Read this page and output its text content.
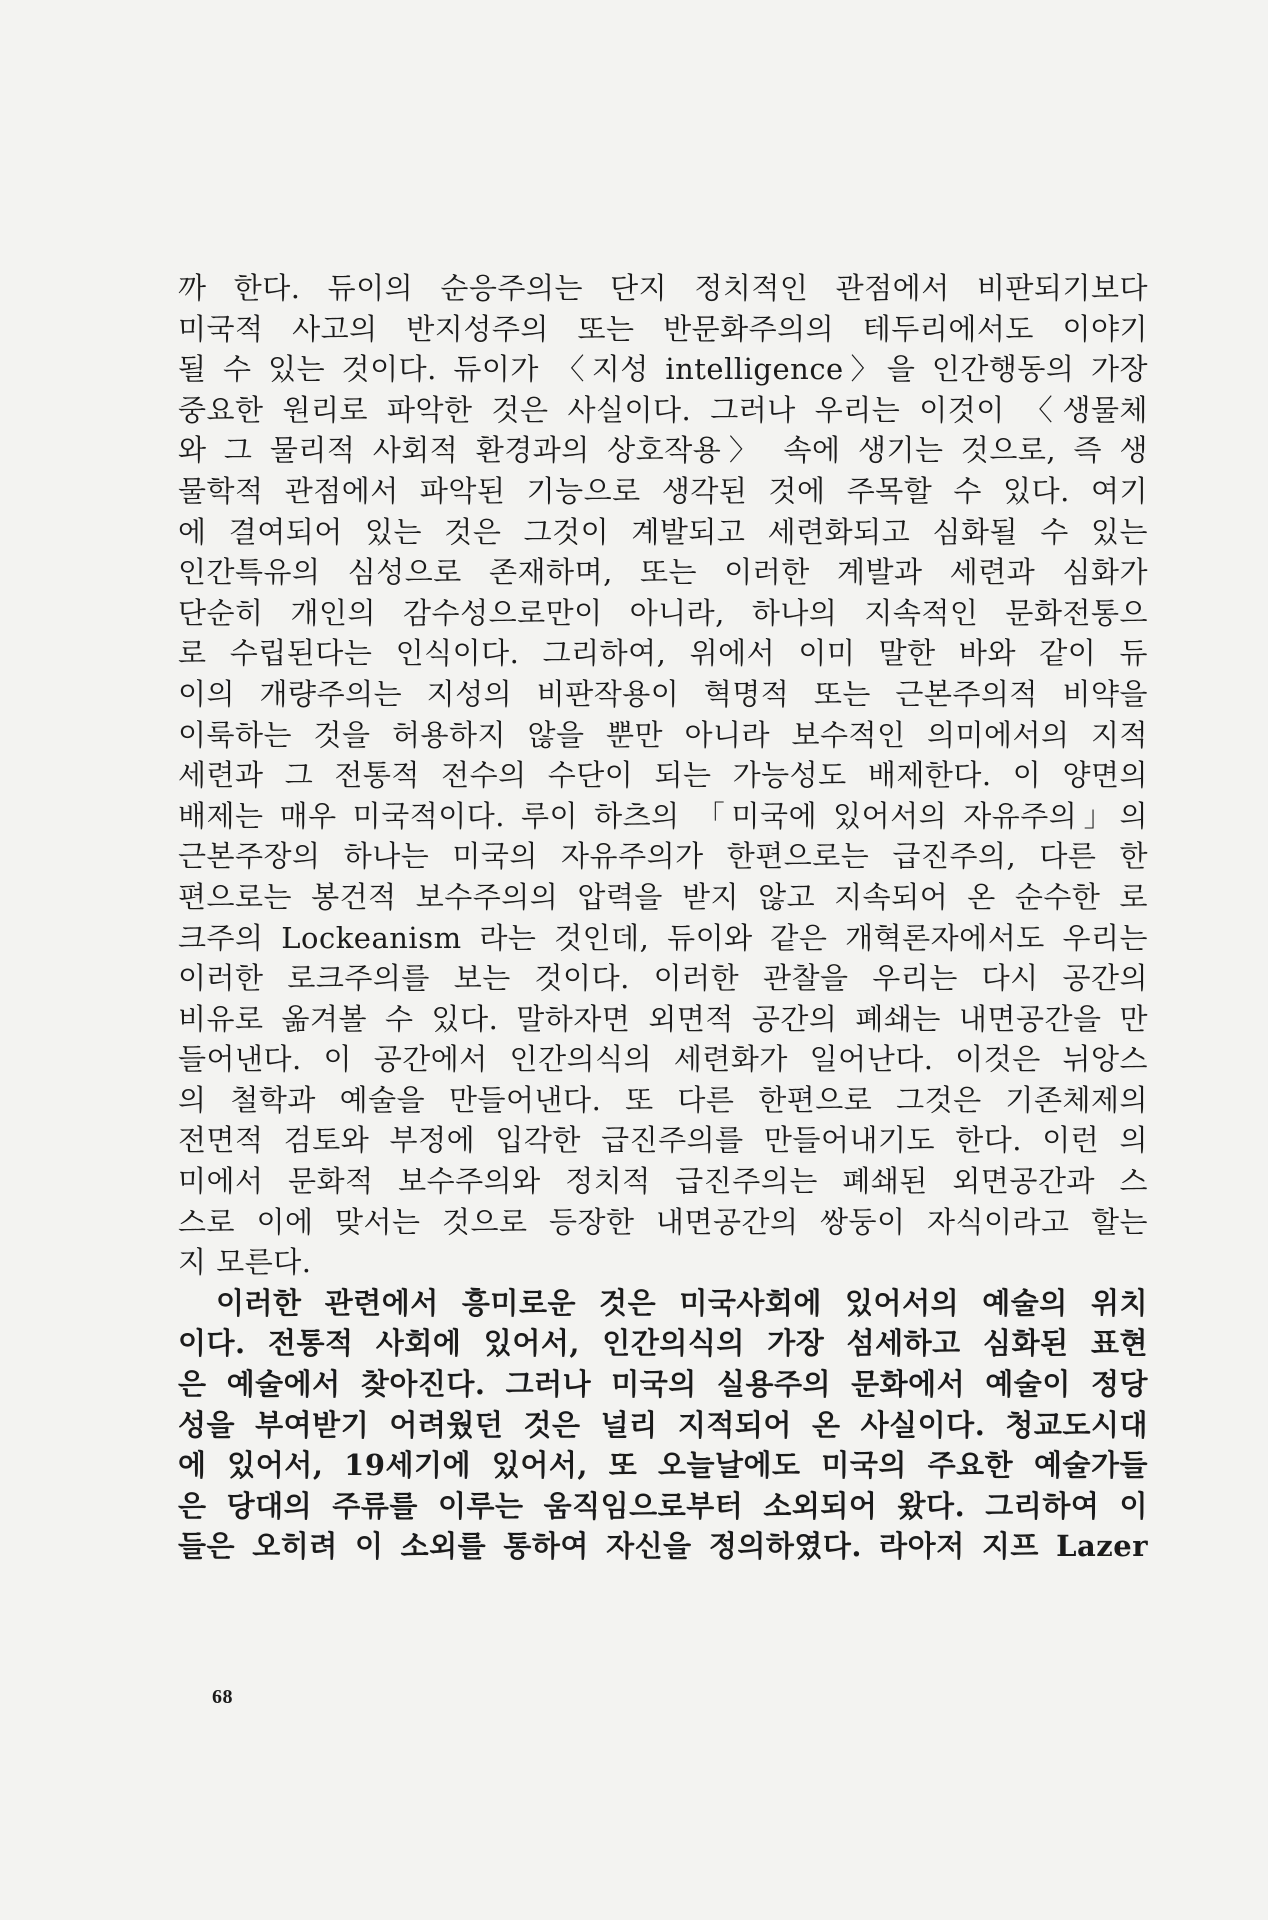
까 한다. 듀이의 순응주의는 단지 정치적인 관점에서 비판되기보다
미국적 사고의 반지성주의 또는 반문화주의의 테두리에서도 이야기
될 수 있는 것이다. 듀이가 〈지성 intelligence〉을 인간행동의 가장
중요한 원리로 파악한 것은 사실이다. 그러나 우리는 이것이 〈생물체
와 그 물리적 사회적 환경과의 상호작용〉 속에 생기는 것으로, 즉 생
물학적 관점에서 파악된 기능으로 생각된 것에 주목할 수 있다. 여기
에 결여되어 있는 것은 그것이 계발되고 세련화되고 심화될 수 있는
인간특유의 심성으로 존재하며, 또는 이러한 계발과 세련과 심화가
단순히 개인의 감수성으로만이 아니라, 하나의 지속적인 문화전통으
로 수립된다는 인식이다. 그리하여, 위에서 이미 말한 바와 같이 듀
이의 개량주의는 지성의 비판작용이 혁명적 또는 근본주의적 비약을
이룩하는 것을 허용하지 않을 뿐만 아니라 보수적인 의미에서의 지적
세련과 그 전통적 전수의 수단이 되는 가능성도 배제한다. 이 양면의
배제는 매우 미국적이다. 루이 하츠의 「미국에 있어서의 자유주의」의
근본주장의 하나는 미국의 자유주의가 한편으로는 급진주의, 다른 한
편으로는 봉건적 보수주의의 압력을 받지 않고 지속되어 온 순수한 로
크주의 Lockeanism 라는 것인데, 듀이와 같은 개혁론자에서도 우리는
이러한 로크주의를 보는 것이다. 이러한 관찰을 우리는 다시 공간의
비유로 옮겨볼 수 있다. 말하자면 외면적 공간의 폐쇄는 내면공간을 만
들어낸다. 이 공간에서 인간의식의 세련화가 일어난다. 이것은 뉘앙스
의 철학과 예술을 만들어낸다. 또 다른 한편으로 그것은 기존체제의
전면적 검토와 부정에 입각한 급진주의를 만들어내기도 한다. 이런 의
미에서 문화적 보수주의와 정치적 급진주의는 폐쇄된 외면공간과 스
스로 이에 맞서는 것으로 등장한 내면공간의 쌍둥이 자식이라고 할는
지 모른다.
이러한 관련에서 흥미로운 것은 미국사회에 있어서의 예술의 위치
이다. 전통적 사회에 있어서, 인간의식의 가장 섬세하고 심화된 표현
은 예술에서 찾아진다. 그러나 미국의 실용주의 문화에서 예술이 정당
성을 부여받기 어려웠던 것은 널리 지적되어 온 사실이다. 청교도시대
에 있어서, 19세기에 있어서, 또 오늘날에도 미국의 주요한 예술가들
은 당대의 주류를 이루는 움직임으로부터 소외되어 왔다. 그리하여 이
들은 오히려 이 소외를 통하여 자신을 정의하였다. 라아저 지프 Lazer
68
